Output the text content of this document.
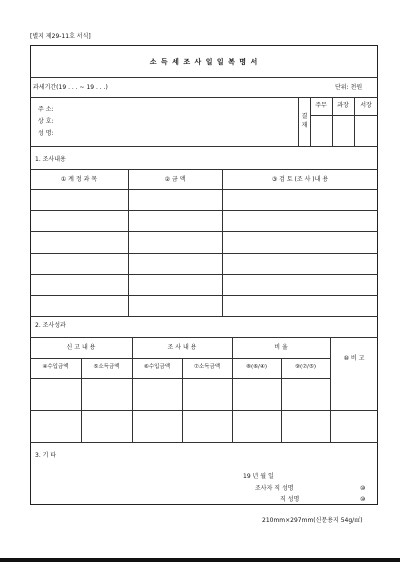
[별지 제29-11호 서식]
소 득 세 조 사 일 일 복 명 서
과세기간(19 . . . ~ 19 . . .)	단위: 천원
주 소:
상 호:
성 명:
결 재
주무	과장	서장
1. 조사내용
① 계 정 과 목	② 금 액	③ 검 토 (조 사 )내 용
2. 조사성과
신 고 내 용	조 사 내 용	비 율
⑩ 비 고
④수입금액	⑤소득금액	⑥수입금액	⑦소득금액	⑧(⑥/④)	⑨(⑦/⑤)
3. 기 타
19 년 월 일
조사자 직 성명	⑩
직 성명	⑩
210mm×297mm(신문용지 54g/㎡)
